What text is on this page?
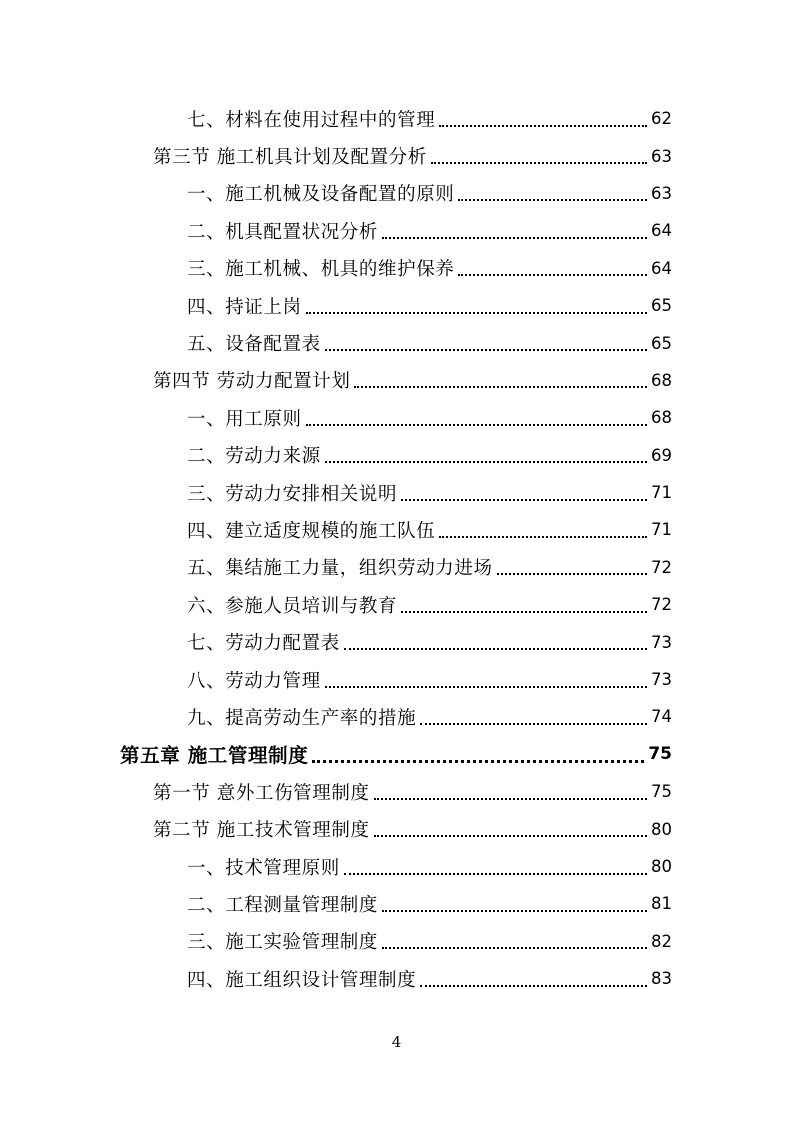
七、材料在使用过程中的管理	62
第三节 施工机具计划及配置分析	63
一、施工机械及设备配置的原则	63
二、机具配置状况分析	64
三、施工机械、机具的维护保养	64
四、持证上岗	65
五、设备配置表	65
第四节 劳动力配置计划	68
一、用工原则	68
二、劳动力来源	69
三、劳动力安排相关说明	71
四、建立适度规模的施工队伍	71
五、集结施工力量，组织劳动力进场	72
六、参施人员培训与教育	72
七、劳动力配置表	73
八、劳动力管理	73
九、提高劳动生产率的措施	74
第五章 施工管理制度	75
第一节 意外工伤管理制度	75
第二节 施工技术管理制度	80
一、技术管理原则	80
二、工程测量管理制度	81
三、施工实验管理制度	82
四、施工组织设计管理制度	83
4
